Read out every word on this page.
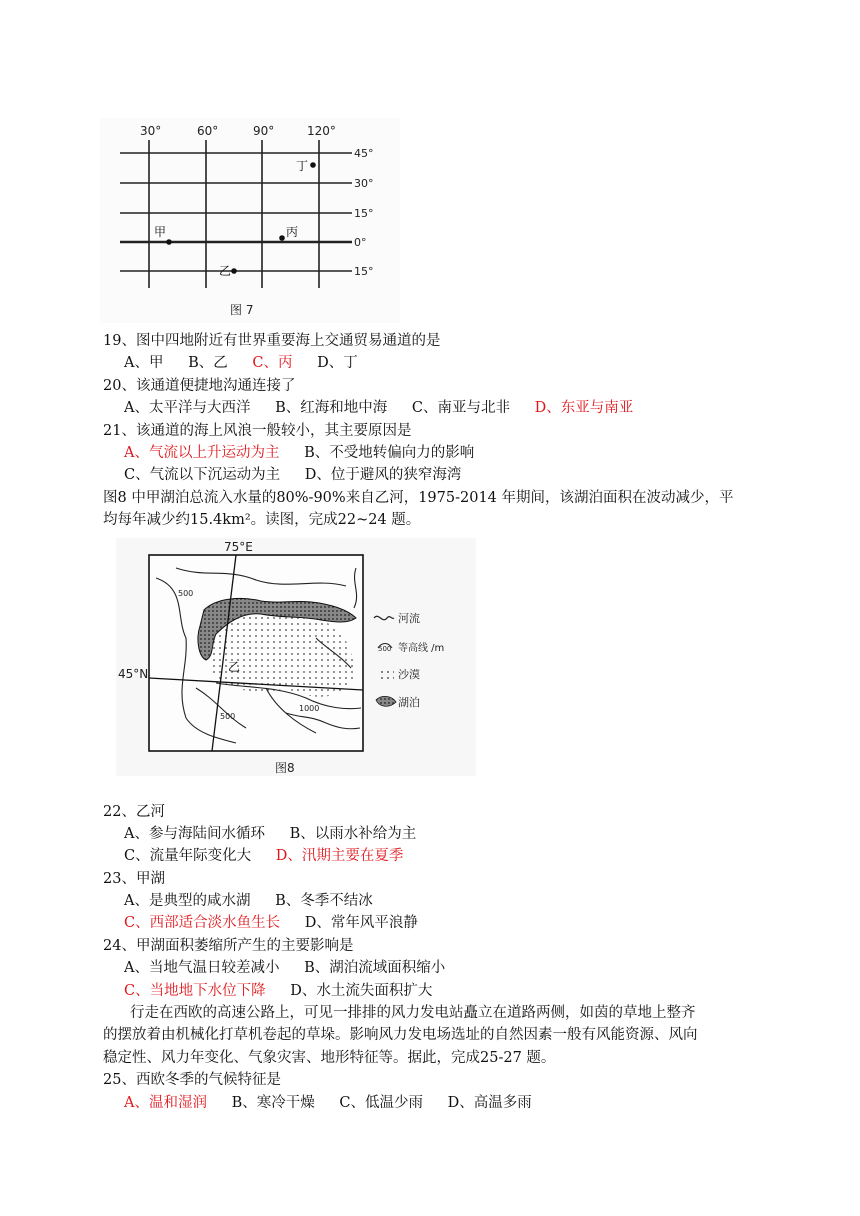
30°	60°	90°	120°
45°
30°
15°
0°
15°
甲
乙
丙
丁
图 7
75°E
45°N
500
乙
500
1000
河流
500 等高线 /m
沙漠
湖泊
图8
19、图中四地附近有世界重要海上交通贸易通道的是
A、甲 B、乙 C、丙 D、丁
20、该通道便捷地沟通连接了
A、太平洋与大西洋 B、红海和地中海 C、南亚与北非 D、东亚与南亚
21、该通道的海上风浪一般较小，其主要原因是
A、气流以上升运动为主 B、不受地转偏向力的影响
C、气流以下沉运动为主 D、位于避风的狭窄海湾
图8 中甲湖泊总流入水量的80%-90%来自乙河，1975-2014 年期间，该湖泊面积在波动减少，平
均每年减少约15.4km²。读图，完成22~24 题。
22、乙河
A、参与海陆间水循环 B、以雨水补给为主
C、流量年际变化大 D、汛期主要在夏季
23、甲湖
A、是典型的咸水湖 B、冬季不结冰
C、西部适合淡水鱼生长 D、常年风平浪静
24、甲湖面积萎缩所产生的主要影响是
A、当地气温日较差减小 B、湖泊流域面积缩小
C、当地地下水位下降 D、水土流失面积扩大
行走在西欧的高速公路上，可见一排排的风力发电站矗立在道路两侧，如茵的草地上整齐
的摆放着由机械化打草机卷起的草垛。影响风力发电场选址的自然因素一般有风能资源、风向
稳定性、风力年变化、气象灾害、地形特征等。据此，完成25-27 题。
25、西欧冬季的气候特征是
A、温和湿润 B、寒冷干燥 C、低温少雨 D、高温多雨
